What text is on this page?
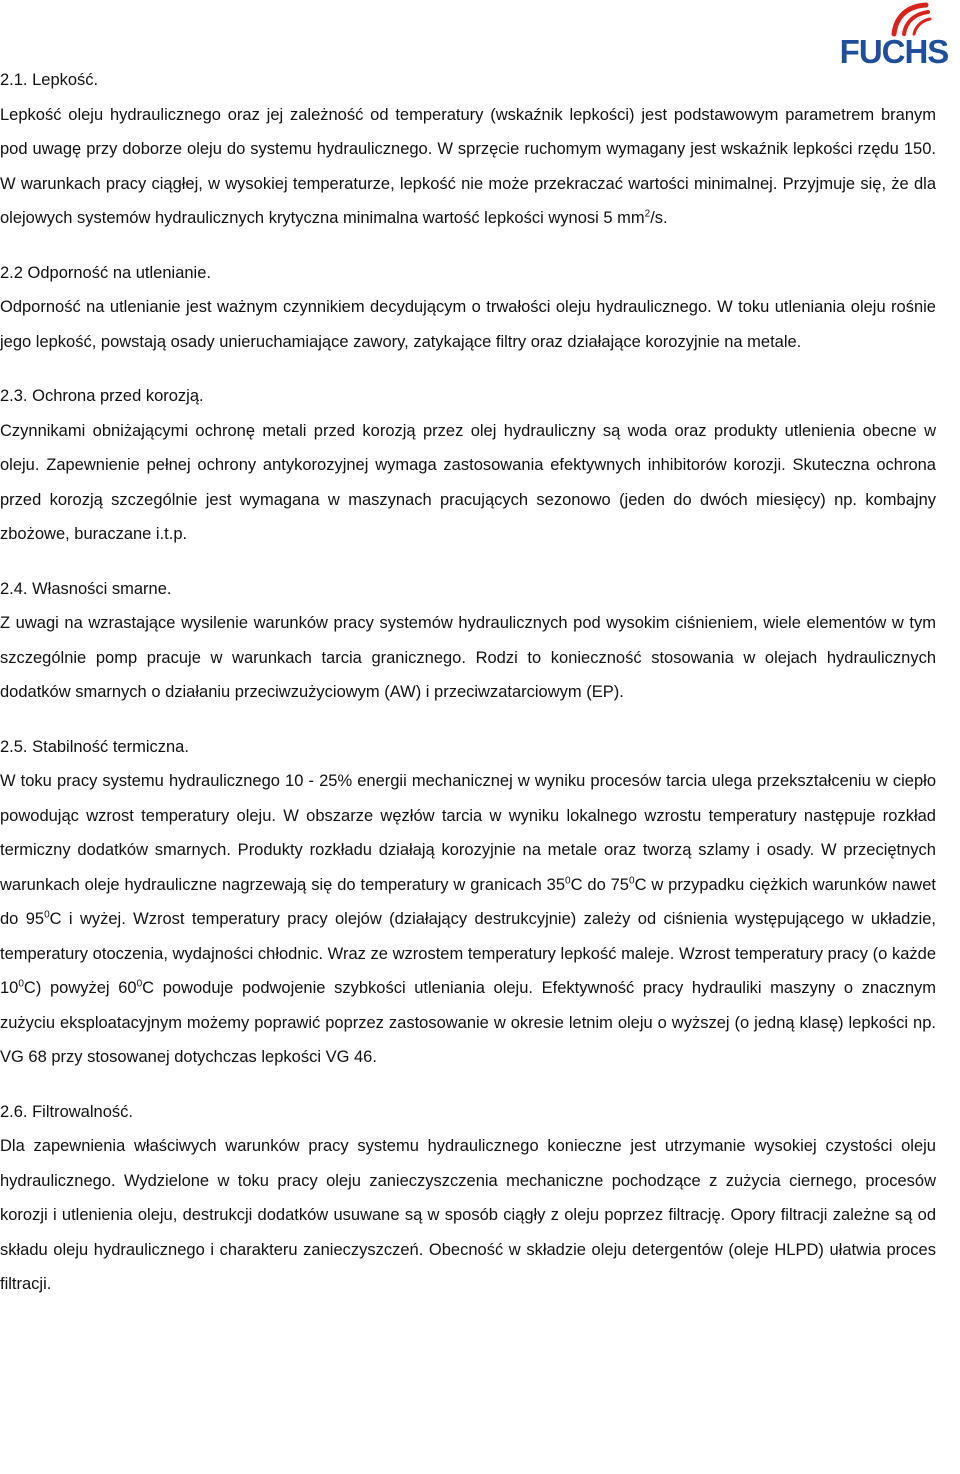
FUCHS

2.1. Lepkość.

Lepkość oleju hydraulicznego oraz jej zależność od temperatury (wskaźnik lepkości) jest podstawowym parametrem branym pod uwagę przy doborze oleju do systemu hydraulicznego. W sprzęcie ruchomym wymagany jest wskaźnik lepkości rzędu 150. W warunkach pracy ciągłej, w wysokiej temperaturze, lepkość nie może przekraczać wartości minimalnej. Przyjmuje się, że dla olejowych systemów hydraulicznych krytyczna minimalna wartość lepkości wynosi 5 $mm^2/s$.

2.2 Odporność na utlenianie.

Odporność na utlenianie jest ważnym czynnikiem decydującym o trwałości oleju hydraulicznego. W toku utleniania oleju rośnie jego lepkość, powstają osady unieruchamiające zawory, zatykające filtry oraz działające korozyjnie na metale.

2.3. Ochrona przed korozją.

Czynnikami obniżającymi ochronę metali przed korozją przez olej hydrauliczny są woda oraz produkty utlenienia obecne w oleju. Zapewnienie pełnej ochrony antykorozyjnej wymaga zastosowania efektywnych inhibitorów korozji. Skuteczna ochrona przed korozją szczególnie jest wymagana w maszynach pracujących sezonowo (jeden do dwóch miesięcy) np. kombajny zbożowe, buraczane i.t.p.

2.4. Własności smarne.

Z uwagi na wzrastające wysilenie warunków pracy systemów hydraulicznych pod wysokim ciśnieniem, wiele elementów w tym szczególnie pomp pracuje w warunkach tarcia granicznego. Rodzi to konieczność stosowania w olejach hydraulicznych dodatków smarnych o działaniu przeciwzużyciowym (AW) i przeciwzatarciowym (EP).

2.5. Stabilność termiczna.

W toku pracy systemu hydraulicznego 10 - 25% energii mechanicznej w wyniku procesów tarcia ulega przekształceniu w ciepło powodując wzrost temperatury oleju. W obszarze węzłów tarcia w wyniku lokalnego wzrostu temperatury następuje rozkład termiczny dodatków smarnych. Produkty rozkładu działają korozyjnie na metale oraz tworzą szlamy i osady. W przeciętnych warunkach oleje hydrauliczne nagrzewają się do temperatury w granicach $35^0C$ do $75^0C$ w przypadku ciężkich warunków nawet do $95^0C$ i wyżej. Wzrost temperatury pracy olejów (działający destrukcyjnie) zależy od ciśnienia występującego w układzie, temperatury otoczenia, wydajności chłodnic. Wraz ze wzrostem temperatury lepkość maleje. Wzrost temperatury pracy (o każde $10^0C$) powyżej $60^0C$ powoduje podwojenie szybkości utleniania oleju. Efektywność pracy hydrauliki maszyny o znacznym zużyciu eksploatacyjnym możemy poprawić poprzez zastosowanie w okresie letnim oleju o wyższej (o jedną klasę) lepkości np. VG 68 przy stosowanej dotychczas lepkości VG 46.

2.6. Filtrowalność.

Dla zapewnienia właściwych warunków pracy systemu hydraulicznego konieczne jest utrzymanie wysokiej czystości oleju hydraulicznego. Wydzielone w toku pracy oleju zanieczyszczenia mechaniczne pochodzące z zużycia ciernego, procesów korozji i utlenienia oleju, destrukcji dodatków usuwane są w sposób ciągły z oleju poprzez filtrację. Opory filtracji zależne są od składu oleju hydraulicznego i charakteru zanieczyszczeń. Obecność w składzie oleju detergentów (oleje HLPD) ułatwia proces filtracji.
